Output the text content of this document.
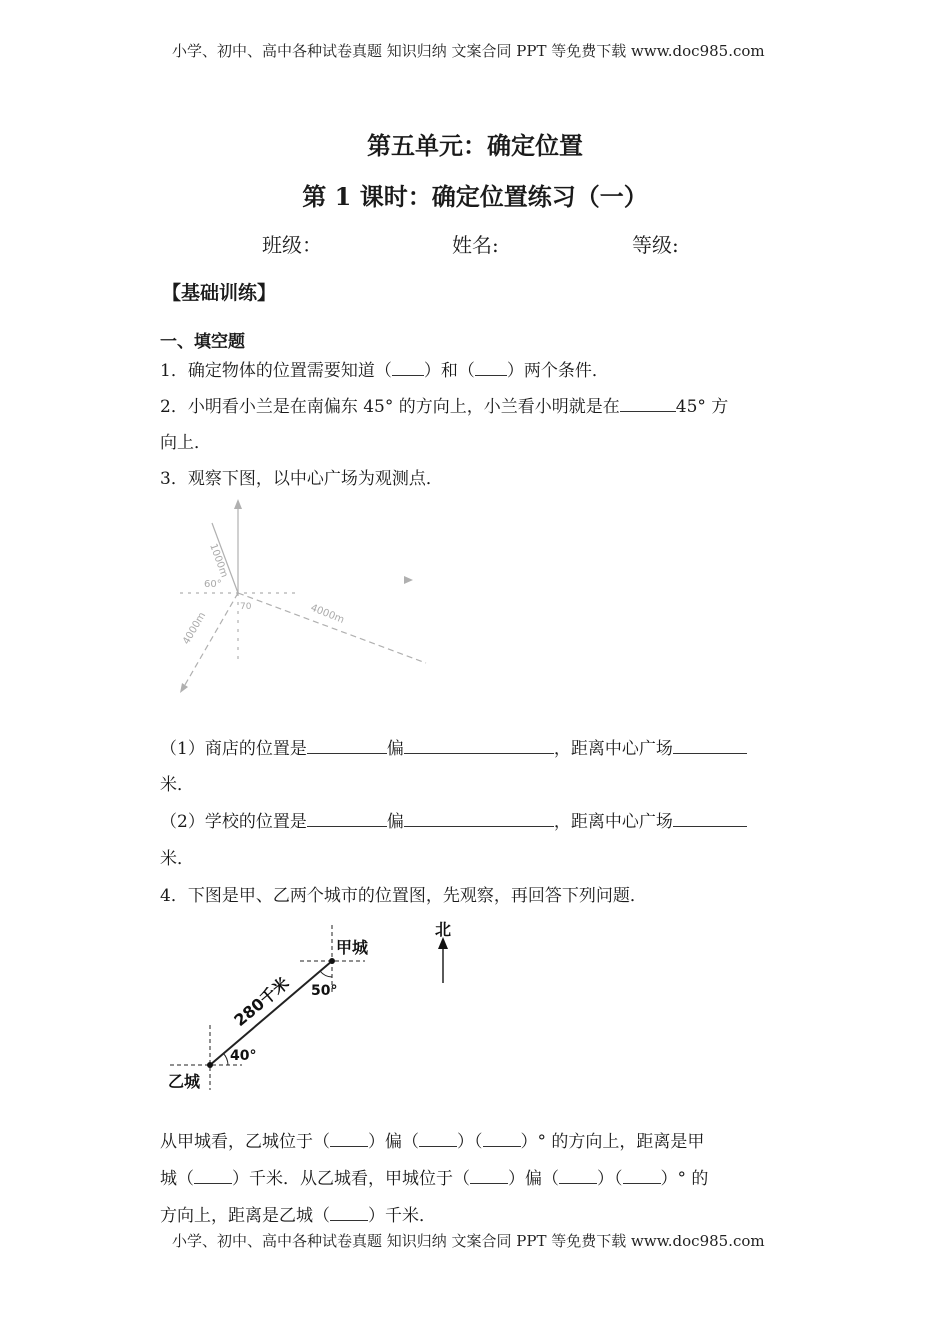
小学、初中、高中各种试卷真题 知识归纳 文案合同 PPT 等免费下载 www.doc985.com
第五单元：确定位置
第 1 课时：确定位置练习（一）
班级：	姓名:	等级:
【基础训练】
一、填空题
1．确定物体的位置需要知道（ ）和（ ）两个条件．
2．小明看小兰是在南偏东 45° 的方向上，小兰看小明就是在	45° 方
向上．
3．观察下图，以中心广场为观测点．
1000m
4000m
4000m
60°
70
（1）商店的位置是	偏	，距离中心广场
米．
（2）学校的位置是	偏	，距离中心广场
米．
4．下图是甲、乙两个城市的位置图，先观察，再回答下列问题．
甲城
乙城
280千米 50°
40°
北
从甲城看，乙城位于（ ）偏（ ）（ ）° 的方向上，距离是甲
城（ ）千米．从乙城看，甲城位于（ ）偏（ ）（ ）° 的
方向上，距离是乙城（ ）千米．
小学、初中、高中各种试卷真题 知识归纳 文案合同 PPT 等免费下载 www.doc985.com
